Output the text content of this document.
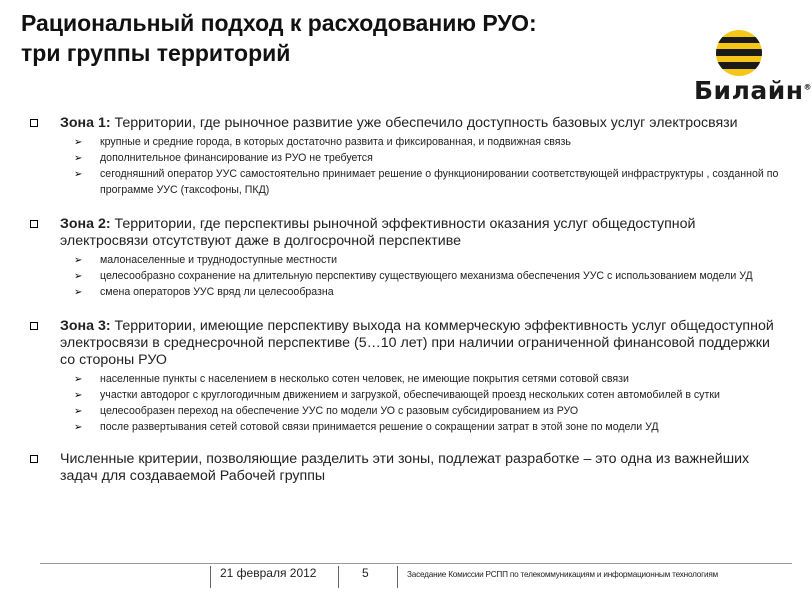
Рациональный подход к расходованию РУО:
три группы территорий
Билайн®
Зона 1: Территории, где рыночное развитие уже обеспечило доступность базовых услуг электросвязи
➢ крупные и средние города, в которых достаточно развита и фиксированная, и подвижная связь
➢ дополнительное финансирование из РУО не требуется
➢ сегодняшний оператор УУС самостоятельно принимает решение о функционировании соответствующей инфраструктуры , созданной по программе УУС (таксофоны, ПКД)
Зона 2: Территории, где перспективы рыночной эффективности оказания услуг общедоступной электросвязи отсутствуют даже в долгосрочной перспективе
➢ малонаселенные и труднодоступные местности
➢ целесообразно сохранение на длительную перспективу существующего механизма обеспечения УУС с использованием модели УД
➢ смена операторов УУС вряд ли целесообразна
Зона 3: Территории, имеющие перспективу выхода на коммерческую эффективность услуг общедоступной электросвязи в среднесрочной перспективе (5…10 лет) при наличии ограниченной финансовой поддержки со стороны РУО
➢ населенные пункты с населением в несколько сотен человек, не имеющие покрытия сетями сотовой связи
➢ участки автодорог с круглогодичным движением и загрузкой, обеспечивающей проезд нескольких сотен автомобилей в сутки
➢ целесообразен переход на обеспечение УУС по модели УО с разовым субсидированием из РУО
➢ после развертывания сетей сотовой связи принимается решение о сокращении затрат в этой зоне по модели УД
Численные критерии, позволяющие разделить эти зоны, подлежат разработке – это одна из важнейших задач для создаваемой Рабочей группы
21 февраля 2012	5	Заседание Комиссии РСПП по телекоммуникациям и информационным технологиям
